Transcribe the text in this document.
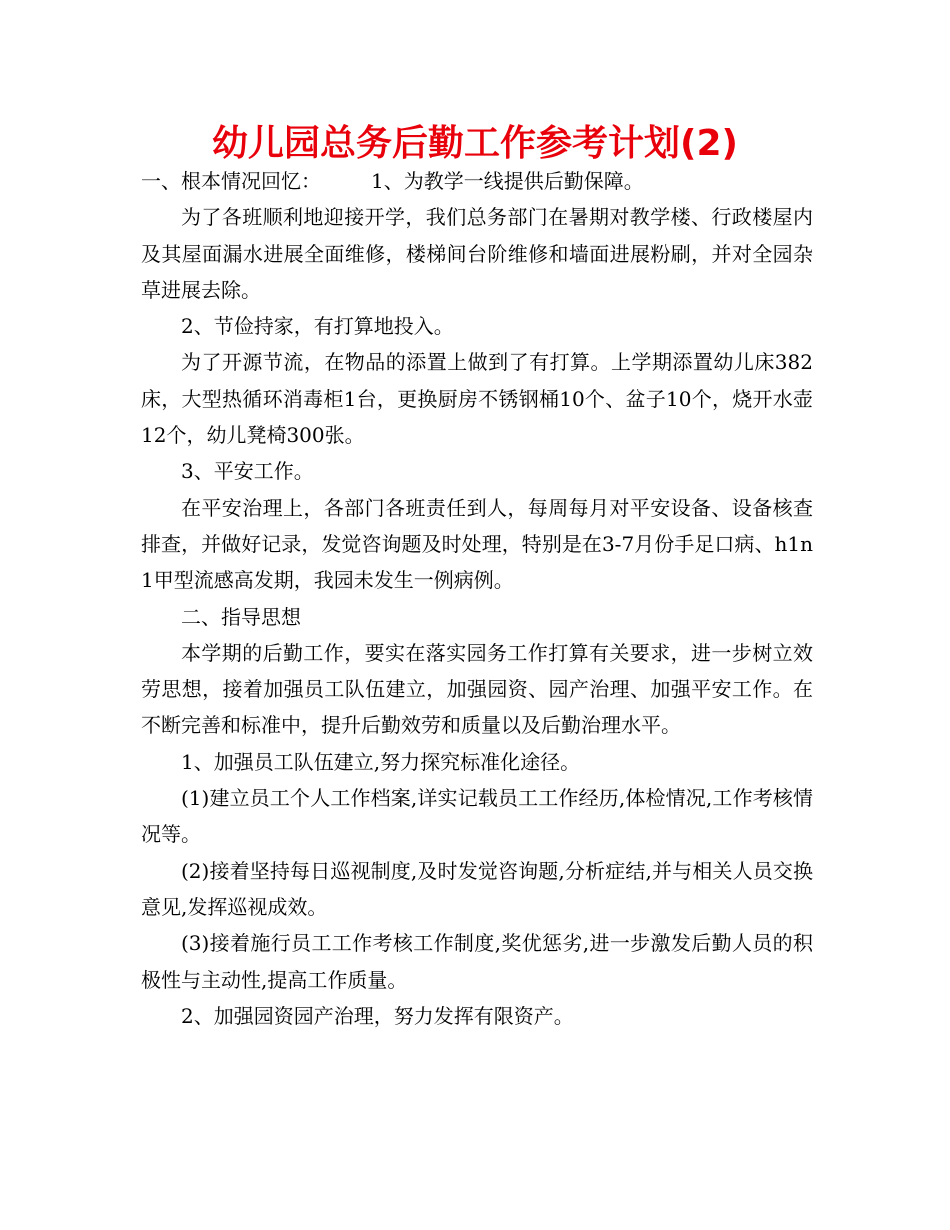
幼儿园总务后勤工作参考计划(2)

一、根本情况回忆：	1、为教学一线提供后勤保障。

为了各班顺利地迎接开学，我们总务部门在暑期对教学楼、行政楼屋内及其屋面漏水进展全面维修，楼梯间台阶维修和墙面进展粉刷，并对全园杂草进展去除。

2、节俭持家，有打算地投入。

为了开源节流，在物品的添置上做到了有打算。上学期添置幼儿床382床，大型热循环消毒柜1台，更换厨房不锈钢桶10个、盆子10个，烧开水壶12个，幼儿凳椅300张。

3、平安工作。

在平安治理上，各部门各班责任到人，每周每月对平安设备、设备核查排查，并做好记录，发觉咨询题及时处理，特别是在3-7月份手足口病、h1n1甲型流感高发期，我园未发生一例病例。

二、指导思想

本学期的后勤工作，要实在落实园务工作打算有关要求，进一步树立效劳思想，接着加强员工队伍建立，加强园资、园产治理、加强平安工作。在不断完善和标准中，提升后勤效劳和质量以及后勤治理水平。

1、加强员工队伍建立,努力探究标准化途径。

(1)建立员工个人工作档案,详实记载员工工作经历,体检情况,工作考核情况等。

(2)接着坚持每日巡视制度,及时发觉咨询题,分析症结,并与相关人员交换意见,发挥巡视成效。

(3)接着施行员工工作考核工作制度,奖优惩劣,进一步激发后勤人员的积极性与主动性,提高工作质量。

2、加强园资园产治理，努力发挥有限资产。
